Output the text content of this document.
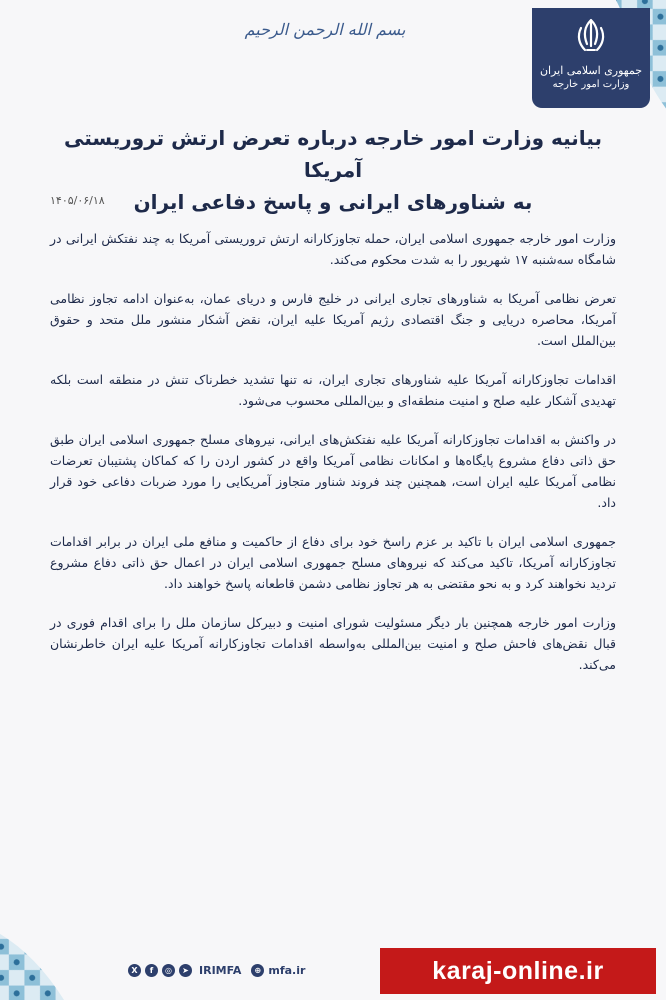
جمهوری اسلامی ایران
وزارت امور خارجه
بسم الله الرحمن الرحیم
بیانیه وزارت امور خارجه درباره تعرض ارتش تروریستی آمریکا
به شناورهای ایرانی و پاسخ دفاعی ایران
۱۴۰۵/۰۶/۱۸

وزارت امور خارجه جمهوری اسلامی ایران، حمله تجاوزکارانه ارتش تروریستی آمریکا به چند نفتکش ایرانی در شامگاه سه‌شنبه ۱۷ شهریور را به شدت محکوم می‌کند.

تعرض نظامی آمریکا به شناورهای تجاری ایرانی در خلیج فارس و دریای عمان، به‌عنوان ادامه تجاوز نظامی آمریکا، محاصره دریایی و جنگ اقتصادی رژیم آمریکا علیه ایران، نقض آشکار منشور ملل متحد و حقوق بین‌الملل است.

اقدامات تجاوزکارانه آمریکا علیه شناورهای تجاری ایران، نه تنها تشدید خطرناک تنش در منطقه است بلکه تهدیدی آشکار علیه صلح و امنیت منطقه‌ای و بین‌المللی محسوب می‌شود.

در واکنش به اقدامات تجاوزکارانه آمریکا علیه نفتکش‌های ایرانی، نیروهای مسلح جمهوری اسلامی ایران طبق حق ذاتی دفاع مشروع پایگاه‌ها و امکانات نظامی آمریکا واقع در کشور اردن را که کماکان پشتیبان تعرضات نظامی آمریکا علیه ایران است، همچنین چند فروند شناور متجاوز آمریکایی را مورد ضربات دفاعی خود قرار داد.

جمهوری اسلامی ایران با تاکید بر عزم راسخ خود برای دفاع از حاکمیت و منافع ملی ایران در برابر اقدامات تجاوزکارانه آمریکا، تاکید می‌کند که نیروهای مسلح جمهوری اسلامی ایران در اعمال حق ذاتی دفاع مشروع تردید نخواهند کرد و به نحو مقتضی به هر تجاوز نظامی دشمن قاطعانه پاسخ خواهند داد.

وزارت امور خارجه همچنین بار دیگر مسئولیت شورای امنیت و دبیرکل سازمان ملل را برای اقدام فوری در قبال نقض‌های فاحش صلح و امنیت بین‌المللی به‌واسطه اقدامات تجاوزکارانه آمریکا علیه ایران خاطرنشان می‌کند.

X	f	◎	➤ IRIMFA	⊕ mfa.ir	karaj-online.ir
